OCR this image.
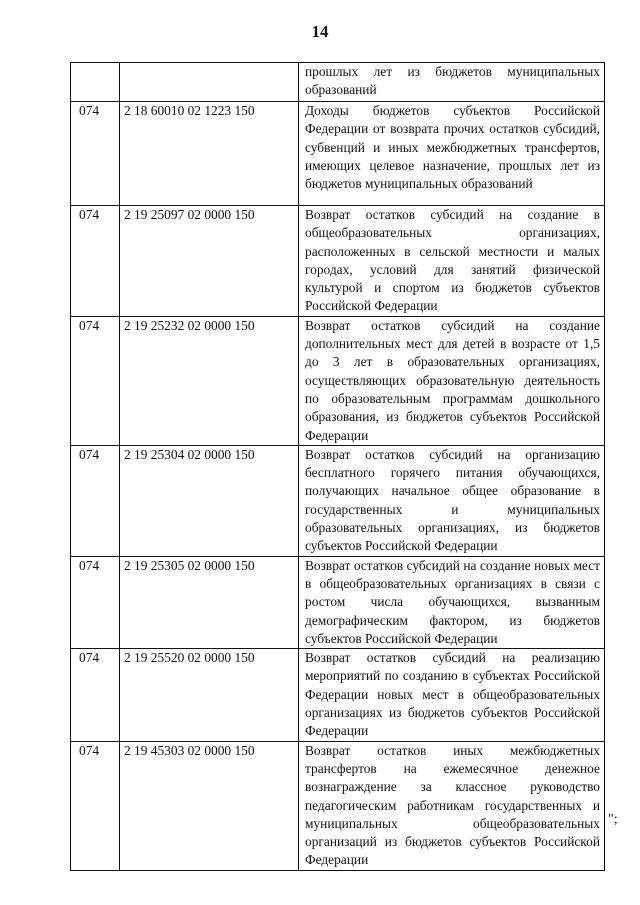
14
		прошлых лет из бюджетов муниципальных образований
074	2 18 60010 02 1223 150	Доходы бюджетов субъектов Российской Федерации от возврата прочих остатков субсидий, субвенций и иных межбюджетных трансфертов, имеющих целевое назначение, прошлых лет из бюджетов муниципальных образований
074	2 19 25097 02 0000 150	Возврат остатков субсидий на создание в общеобразовательных организациях, расположенных в сельской местности и малых городах, условий для занятий физической культурой и спортом из бюджетов субъектов Российской Федерации
074	2 19 25232 02 0000 150	Возврат остатков субсидий на создание дополнительных мест для детей в возрасте от 1,5 до 3 лет в образовательных организациях, осуществляющих образовательную деятельность по образовательным программам дошкольного образования, из бюджетов субъектов Российской Федерации
074	2 19 25304 02 0000 150	Возврат остатков субсидий на организацию бесплатного горячего питания обучающихся, получающих начальное общее образование в государственных и муниципальных образовательных организациях, из бюджетов субъектов Российской Федерации
074	2 19 25305 02 0000 150	Возврат остатков субсидий на создание новых мест в общеобразовательных организациях в связи с ростом числа обучающихся, вызванным демографическим фактором, из бюджетов субъектов Российской Федерации
074	2 19 25520 02 0000 150	Возврат остатков субсидий на реализацию мероприятий по созданию в субъектах Российской Федерации новых мест в общеобразовательных организациях из бюджетов субъектов Российской Федерации
074	2 19 45303 02 0000 150	Возврат остатков иных межбюджетных трансфертов на ежемесячное денежное вознаграждение за классное руководство педагогическим работникам государственных и муниципальных общеобразовательных организаций из бюджетов субъектов Российской Федерации
";
